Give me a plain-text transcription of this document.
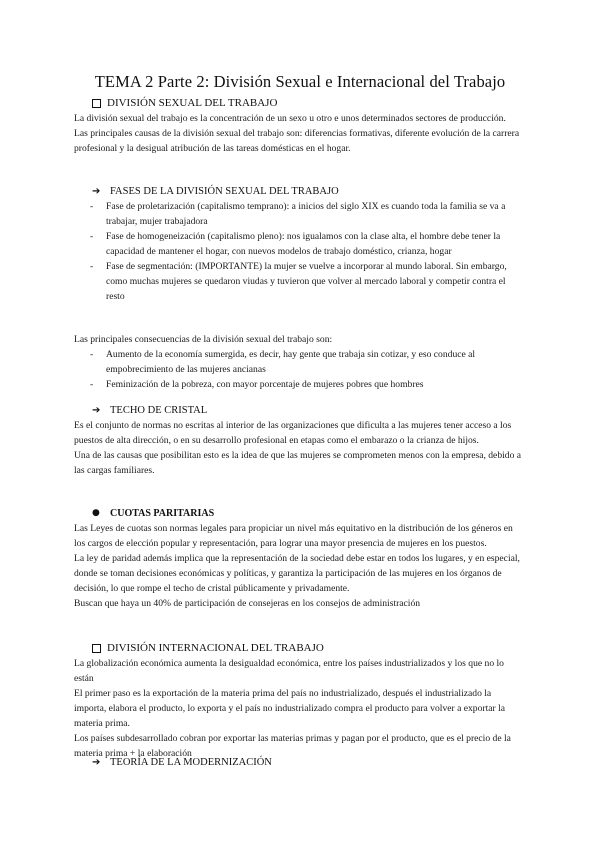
TEMA 2 Parte 2: División Sexual e Internacional del Trabajo
DIVISIÓN SEXUAL DEL TRABAJO

La división sexual del trabajo es la concentración de un sexo u otro e unos determinados sectores de producción.

Las principales causas de la división sexual del trabajo son: diferencias formativas, diferente evolución de la carrera profesional y la desigual atribución de las tareas domésticas en el hogar.

➔ FASES DE LA DIVISIÓN SEXUAL DEL TRABAJO
- Fase de proletarización (capitalismo temprano): a inicios del siglo XIX es cuando toda la familia se va a trabajar, mujer trabajadora
- Fase de homogeneización (capitalismo pleno): nos igualamos con la clase alta, el hombre debe tener la capacidad de mantener el hogar, con nuevos modelos de trabajo doméstico, crianza, hogar
- Fase de segmentación: (IMPORTANTE) la mujer se vuelve a incorporar al mundo laboral. Sin embargo, como muchas mujeres se quedaron viudas y tuvieron que volver al mercado laboral y competir contra el resto

Las principales consecuencias de la división sexual del trabajo son:

- Aumento de la economía sumergida, es decir, hay gente que trabaja sin cotizar, y eso conduce al empobrecimiento de las mujeres ancianas
- Feminización de la pobreza, con mayor porcentaje de mujeres pobres que hombres
➔ TECHO DE CRISTAL

Es el conjunto de normas no escritas al interior de las organizaciones que dificulta a las mujeres tener acceso a los puestos de alta dirección, o en su desarrollo profesional en etapas como el embarazo o la crianza de hijos.

Una de las causas que posibilitan esto es la idea de que las mujeres se comprometen menos con la empresa, debido a las cargas familiares.

●	CUOTAS PARITARIAS

Las Leyes de cuotas son normas legales para propiciar un nivel más equitativo en la distribución de los géneros en los cargos de elección popular y representación, para lograr una mayor presencia de mujeres en los puestos.

La ley de paridad además implica que la representación de la sociedad debe estar en todos los lugares, y en especial, donde se toman decisiones económicas y políticas, y garantiza la participación de las mujeres en los órganos de decisión, lo que rompe el techo de cristal públicamente y privadamente.

Buscan que haya un 40% de participación de consejeras en los consejos de administración

DIVISIÓN INTERNACIONAL DEL TRABAJO

La globalización económica aumenta la desigualdad económica, entre los países industrializados y los que no lo están

El primer paso es la exportación de la materia prima del país no industrializado, después el industrializado la importa, elabora el producto, lo exporta y el país no industrializado compra el producto para volver a exportar la materia prima.

Los países subdesarrollado cobran por exportar las materias primas y pagan por el producto, que es el precio de la materia prima + la elaboración

➔ TEORÍA DE LA MODERNIZACIÓN
